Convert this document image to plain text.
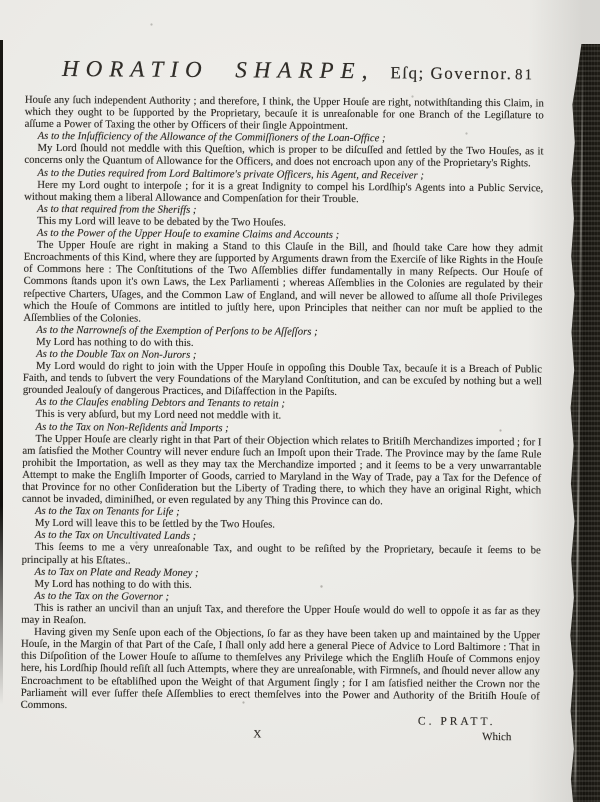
HORATIO SHARPE, Eſq; Governor. 81

Houſe any ſuch independent Authority ; and therefore, I think, the Upper Houſe are right, notwithſtanding this Claim, in which they ought to be ſupported by the Proprietary, becauſe it is unreaſonable for one Branch of the Legiſlature to aſſume a Power of Taxing the other by Officers of their ſingle Appointment.

As to the Inſufficiency of the Allowance of the Commiſſioners of the Loan-Office ;

My Lord ſhould not meddle with this Queſtion, which is proper to be diſcuſſed and ſettled by the Two Houſes, as it concerns only the Quantum of Allowance for the Officers, and does not encroach upon any of the Proprietary's Rights.

As to the Duties required from Lord Baltimore's private Officers, his Agent, and Receiver ;

Here my Lord ought to interpoſe ; for it is a great Indignity to compel his Lordſhip's Agents into a Public Service, without making them a liberal Allowance and Compenſation for their Trouble.

As to that required from the Sheriffs ;

This my Lord will leave to be debated by the Two Houſes.

As to the Power of the Upper Houſe to examine Claims and Accounts ;

The Upper Houſe are right in making a Stand to this Clauſe in the Bill, and ſhould take Care how they admit Encroachments of this Kind, where they are ſupported by Arguments drawn from the Exerciſe of like Rights in the Houſe of Commons here : The Conſtitutions of the Two Aſſemblies differ fundamentally in many Reſpects. Our Houſe of Commons ſtands upon it's own Laws, the Lex Parliamenti ; whereas Aſſemblies in the Colonies are regulated by their reſpective Charters, Uſages, and the Common Law of England, and will never be allowed to aſſume all thoſe Privileges which the Houſe of Commons are intitled to juſtly here, upon Principles that neither can nor muſt be applied to the Aſſemblies of the Colonies.

As to the Narrowneſs of the Exemption of Perſons to be Aſſeſſors ;

My Lord has nothing to do with this.

As to the Double Tax on Non-Jurors ;

My Lord would do right to join with the Upper Houſe in oppoſing this Double Tax, becauſe it is a Breach of Public Faith, and tends to ſubvert the very Foundations of the Maryland Conſtitution, and can be excuſed by nothing but a well grounded Jealouſy of dangerous Practices, and Diſaffection in the Papiſts.

As to the Clauſes enabling Debtors and Tenants to retain ;

This is very abſurd, but my Lord need not meddle with it.

As to the Tax on Non-Reſidents and Imports ;

The Upper Houſe are clearly right in that Part of their Objection which relates to Britiſh Merchandizes imported ; for I am ſatisfied the Mother Country will never endure ſuch an Impoſt upon their Trade. The Province may by the ſame Rule prohibit the Importation, as well as they may tax the Merchandize imported ; and it ſeems to be a very unwarrantable Attempt to make the Engliſh Importer of Goods, carried to Maryland in the Way of Trade, pay a Tax for the Defence of that Province for no other Conſideration but the Liberty of Trading there, to which they have an original Right, which cannot be invaded, diminiſhed, or even regulated by any Thing this Province can do.

As to the Tax on Tenants for Life ;

My Lord will leave this to be ſettled by the Two Houſes.

As to the Tax on Uncultivated Lands ;

This ſeems to me a very unreaſonable Tax, and ought to be reſiſted by the Proprietary, becauſe it ſeems to be principally at his Eſtates..

As to Tax on Plate and Ready Money ;

My Lord has nothing to do with this.

As to the Tax on the Governor ;

This is rather an uncivil than an unjuſt Tax, and therefore the Upper Houſe would do well to oppoſe it as far as they may in Reaſon.

Having given my Senſe upon each of the Objections, ſo far as they have been taken up and maintained by the Upper Houſe, in the Margin of that Part of the Caſe, I ſhall only add here a general Piece of Advice to Lord Baltimore : That in this Diſpoſition of the Lower Houſe to aſſume to themſelves any Privilege which the Engliſh Houſe of Commons enjoy here, his Lordſhip ſhould reſiſt all ſuch Attempts, where they are unreaſonable, with Firmneſs, and ſhould never allow any Encroachment to be eſtabliſhed upon the Weight of that Argument ſingly ; for I am ſatisfied neither the Crown nor the Parliament will ever ſuffer theſe Aſſemblies to erect themſelves into the Power and Authority of the Britiſh Houſe of Commons.

C. PRATT.
X	Which
